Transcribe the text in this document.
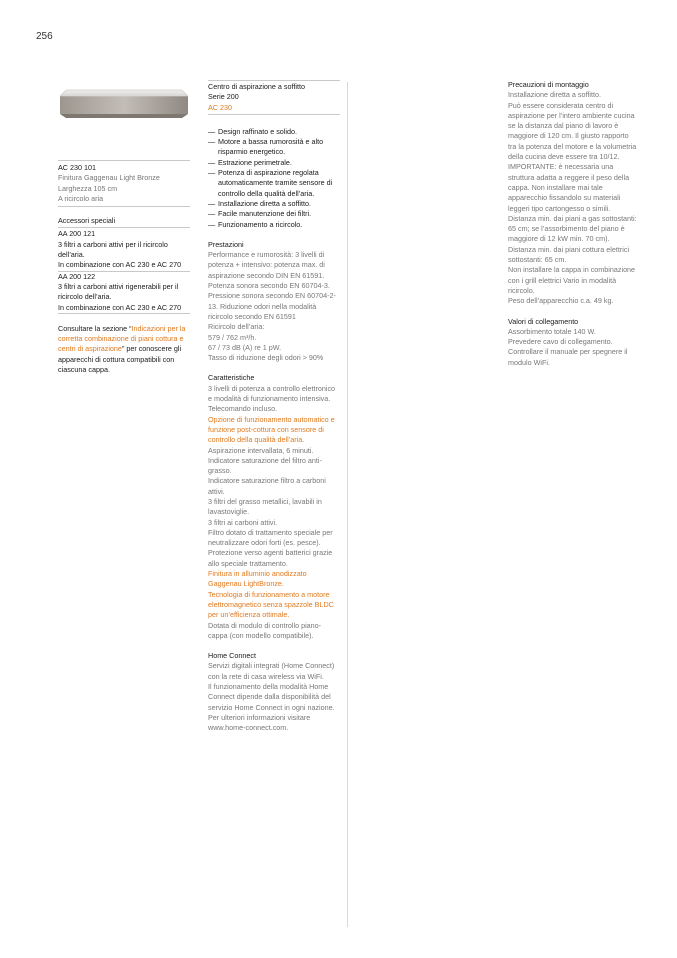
256
AC 230 101
Finitura Gaggenau Light Bronze
Larghezza 105 cm
A ricircolo aria
Accessori speciali
AA 200 121
3 filtri a carboni attivi per il ricircolo dell’aria.
In combinazione con AC 230 e AC 270
AA 200 122
3 filtri a carboni attivi rigenerabili per il ricircolo dell’aria.
In combinazione con AC 230 e AC 270
Consultare la sezione “Indicazioni per la corretta combinazione di piani cottura e centri di aspirazione” per conoscere gli apparecchi di cottura compatibili con ciascuna cappa.
Centro di aspirazione a soffitto
Serie 200
AC 230
— Design raffinato e solido.
— Motore a bassa rumorosità e alto risparmio energetico.
— Estrazione perimetrale.
— Potenza di aspirazione regolata automaticamente tramite sensore di controllo della qualità dell’aria.
— Installazione diretta a soffitto.
— Facile manutenzione dei filtri.
— Funzionamento a ricircolo.
Prestazioni
Performance e rumorosità: 3 livelli di potenza + intensivo: potenza max. di aspirazione secondo DIN EN 61591.
Potenza sonora secondo EN 60704-3.
Pressione sonora secondo EN 60704-2-13. Riduzione odori nella modalità ricircolo secondo EN 61591
Ricircolo dell’aria:
579 / 762 m³/h.
67 / 73 dB (A) re 1 pW.
Tasso di riduzione degli odori > 90%
Caratteristiche
3 livelli di potenza a controllo elettronico e modalità di funzionamento intensiva.
Telecomando incluso.
Opzione di funzionamento automatico e funzione post-cottura con sensore di controllo della qualità dell’aria.
Aspirazione intervallata, 6 minuti.
Indicatore saturazione del filtro anti-grasso.
Indicatore saturazione filtro a carboni attivi.
3 filtri del grasso metallici, lavabili in lavastoviglie.
3 filtri ai carboni attivi.
Filtro dotato di trattamento speciale per neutralizzare odori forti (es. pesce).
Protezione verso agenti batterici grazie allo speciale trattamento.
Finitura in alluminio anodizzato Gaggenau LightBronze.
Tecnologia di funzionamento a motore elettromagnetico senza spazzole BLDC per un’efficienza ottimale.
Dotata di modulo di controllo piano-cappa (con modello compatibile).
Home Connect
Servizi digitali integrati (Home Connect) con la rete di casa wireless via WiFi.
Il funzionamento della modalità Home Connect dipende dalla disponibilità del servizio Home Connect in ogni nazione.
Per ulteriori informazioni visitare www.home-connect.com.
Precauzioni di montaggio
Installazione diretta a soffitto.
Può essere considerata centro di aspirazione per l’intero ambiente cucina se la distanza dal piano di lavoro è maggiore di 120 cm. Il giusto rapporto tra la potenza del motore e la volumetria della cucina deve essere tra 10/12.
IMPORTANTE: è necessaria una struttura adatta a reggere il peso della cappa. Non installare mai tale apparecchio fissandolo su materiali leggeri tipo cartongesso o simili.
Distanza min. dai piani a gas sottostanti: 65 cm; se l’assorbimento del piano è maggiore di 12 kW min. 70 cm).
Distanza min. dai piani cottura elettrici sottostanti: 65 cm.
Non installare la cappa in combinazione con i grill elettrici Vario in modalità ricircolo.
Peso dell’apparecchio c.a. 49 kg.
Valori di collegamento
Assorbimento totale 140 W.
Prevedere cavo di collegamento.
Controllare il manuale per spegnere il modulo WiFi.
